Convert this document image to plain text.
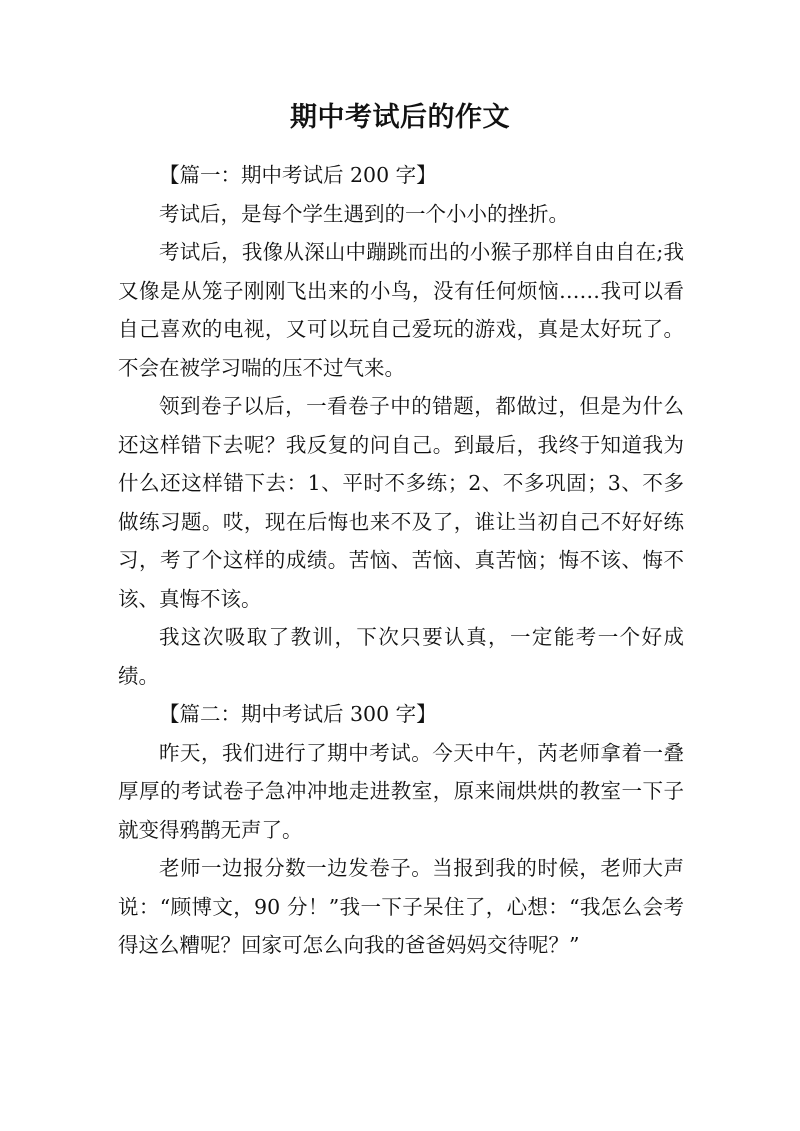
期中考试后的作文

【篇一：期中考试后 200 字】

考试后，是每个学生遇到的一个小小的挫折。

考试后，我像从深山中蹦跳而出的小猴子那样自由自在;我又像是从笼子刚刚飞出来的小鸟，没有任何烦恼……我可以看自己喜欢的电视，又可以玩自己爱玩的游戏，真是太好玩了。不会在被学习喘的压不过气来。

领到卷子以后，一看卷子中的错题，都做过，但是为什么还这样错下去呢？我反复的问自己。到最后，我终于知道我为什么还这样错下去：1、平时不多练；2、不多巩固；3、不多做练习题。哎，现在后悔也来不及了，谁让当初自己不好好练习，考了个这样的成绩。苦恼、苦恼、真苦恼；悔不该、悔不该、真悔不该。

我这次吸取了教训，下次只要认真，一定能考一个好成绩。

【篇二：期中考试后 300 字】

昨天，我们进行了期中考试。今天中午，芮老师拿着一叠厚厚的考试卷子急冲冲地走进教室，原来闹烘烘的教室一下子就变得鸦鹊无声了。

老师一边报分数一边发卷子。当报到我的时候，老师大声说：“顾博文，90 分！”我一下子呆住了，心想：“我怎么会考得这么糟呢？回家可怎么向我的爸爸妈妈交待呢？”
